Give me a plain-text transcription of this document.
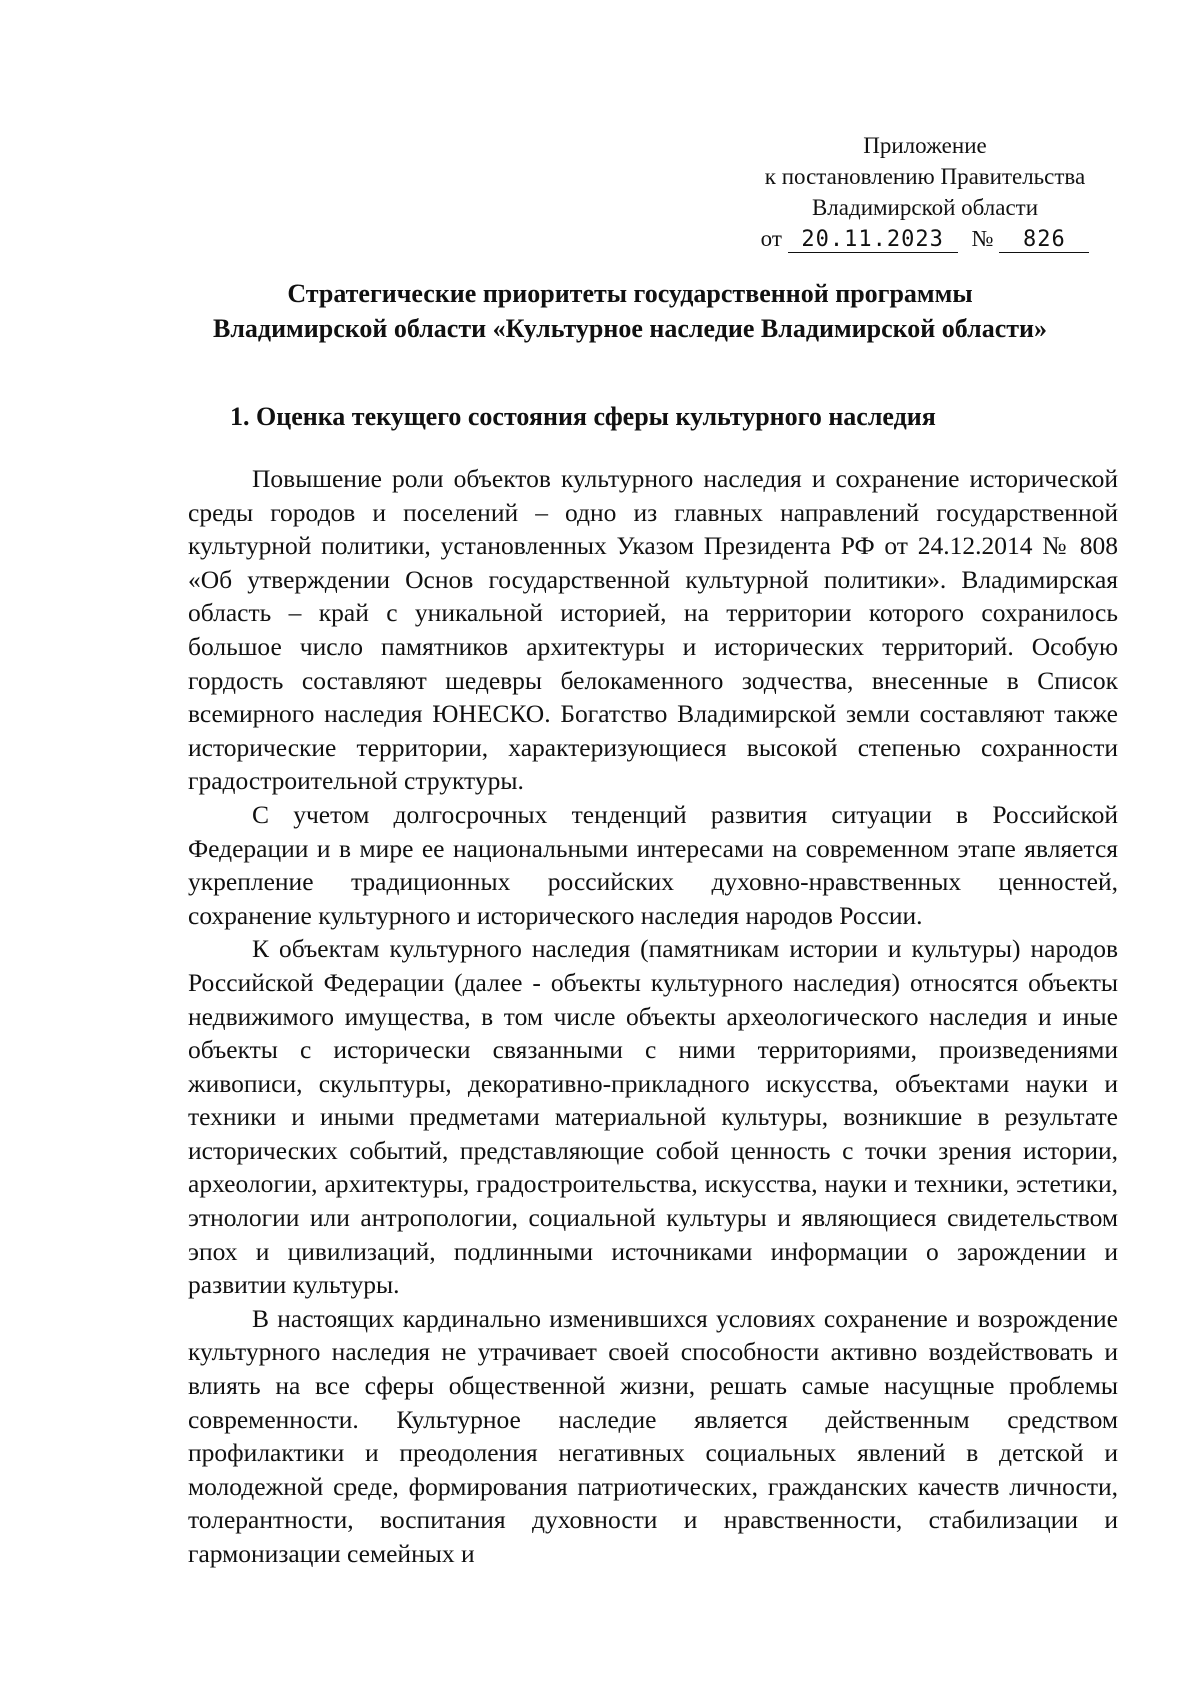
Приложение
к постановлению Правительства
Владимирской области
от 20.11.2023 № 826
Стратегические приоритеты государственной программы
Владимирской области «Культурное наследие Владимирской области»
1. Оценка текущего состояния сферы культурного наследия

Повышение роли объектов культурного наследия и сохранение исторической среды городов и поселений – одно из главных направлений государственной культурной политики, установленных Указом Президента РФ от 24.12.2014 № 808 «Об утверждении Основ государственной культурной политики». Владимирская область – край с уникальной историей, на территории которого сохранилось большое число памятников архитектуры и исторических территорий. Особую гордость составляют шедевры белокаменного зодчества, внесенные в Список всемирного наследия ЮНЕСКО. Богатство Владимирской земли составляют также исторические территории, характеризующиеся высокой степенью сохранности градостроительной структуры.

С учетом долгосрочных тенденций развития ситуации в Российской Федерации и в мире ее национальными интересами на современном этапе является укрепление традиционных российских духовно-нравственных ценностей, сохранение культурного и исторического наследия народов России.

К объектам культурного наследия (памятникам истории и культуры) народов Российской Федерации (далее - объекты культурного наследия) относятся объекты недвижимого имущества, в том числе объекты археологического наследия и иные объекты с исторически связанными с ними территориями, произведениями живописи, скульптуры, декоративно-прикладного искусства, объектами науки и техники и иными предметами материальной культуры, возникшие в результате исторических событий, представляющие собой ценность с точки зрения истории, археологии, архитектуры, градостроительства, искусства, науки и техники, эстетики, этнологии или антропологии, социальной культуры и являющиеся свидетельством эпох и цивилизаций, подлинными источниками информации о зарождении и развитии культуры.

В настоящих кардинально изменившихся условиях сохранение и возрождение культурного наследия не утрачивает своей способности активно воздействовать и влиять на все сферы общественной жизни, решать самые насущные проблемы современности. Культурное наследие является действенным средством профилактики и преодоления негативных социальных явлений в детской и молодежной среде, формирования патриотических, гражданских качеств личности, толерантности, воспитания духовности и нравственности, стабилизации и гармонизации семейных и
